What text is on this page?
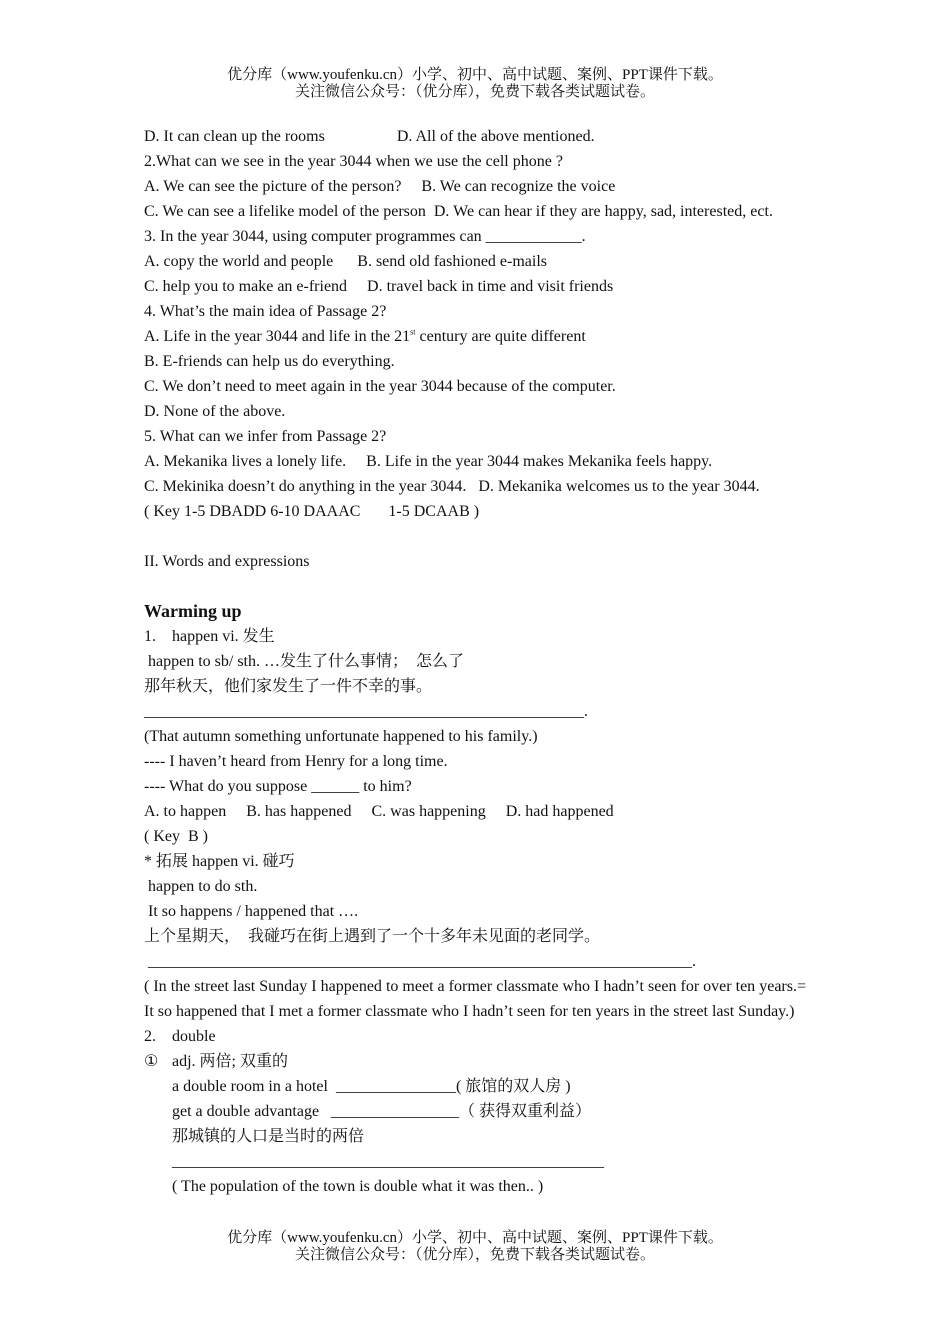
优分库（www.youfenku.cn）小学、初中、高中试题、案例、PPT课件下载。
关注微信公众号：（优分库），免费下载各类试题试卷。
D. It can clean up the rooms	D. All of the above mentioned.
2.What can we see in the year 3044 when we use the cell phone ?
A. We can see the picture of the person?     B. We can recognize the voice
C. We can see a lifelike model of the person  D. We can hear if they are happy, sad, interested, ect.
3. In the year 3044, using computer programmes can ____________.
A. copy the world and people      B. send old fashioned e-mails
C. help you to make an e-friend     D. travel back in time and visit friends
4. What’s the main idea of Passage 2?
A. Life in the year 3044 and life in the 21st century are quite different
B. E-friends can help us do everything.
C. We don’t need to meet again in the year 3044 because of the computer.
D. None of the above.
5. What can we infer from Passage 2?
A. Mekanika lives a lonely life.     B. Life in the year 3044 makes Mekanika feels happy.
C. Mekinika doesn’t do anything in the year 3044.   D. Mekanika welcomes us to the year 3044.
( Key 1-5 DBADD 6-10 DAAAC       1-5 DCAAB )
II. Words and expressions
Warming up
1.	happen vi. 发生
happen to sb/ sth. …发生了什么事情；  怎么了
那年秋天，他们家发生了一件不幸的事。
_______________________________________________________.
(That autumn something unfortunate happened to his family.)
---- I haven’t heard from Henry for a long time.
---- What do you suppose ______ to him?
A. to happen     B. has happened     C. was happening     D. had happened
( Key  B )
* 拓展 happen vi. 碰巧
happen to do sth.
It so happens / happened that ….
上个星期天，  我碰巧在街上遇到了一个十多年未见面的老同学。
____________________________________________________________________.
( In the street last Sunday I happened to meet a former classmate who I hadn’t seen for over ten years.= It so happened that I met a former classmate who I hadn’t seen for ten years in the street last Sunday.)
2.	double
① adj. 两倍; 双重的
a double room in a hotel  _______________( 旅馆的双人房 )
get a double advantage   ________________（ 获得双重利益）
那城镇的人口是当时的两倍
______________________________________________________
( The population of the town is double what it was then.. )
优分库（www.youfenku.cn）小学、初中、高中试题、案例、PPT课件下载。
关注微信公众号：（优分库），免费下载各类试题试卷。
